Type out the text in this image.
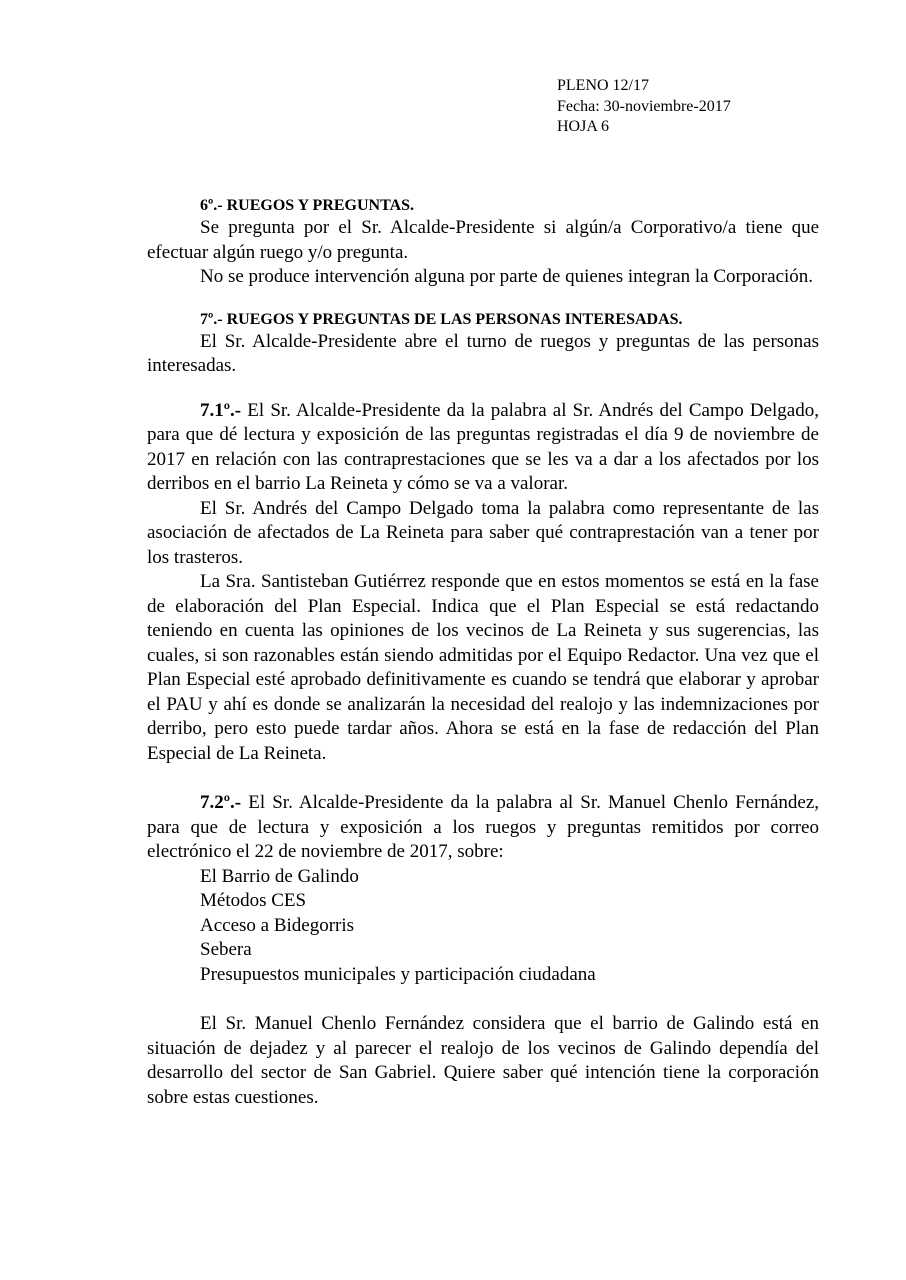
PLENO 12/17
Fecha: 30-noviembre-2017
HOJA 6
6º.- RUEGOS Y PREGUNTAS.

Se pregunta por el Sr. Alcalde-Presidente si algún/a Corporativo/a tiene que efectuar algún ruego y/o pregunta.

No se produce intervención alguna por parte de quienes integran la Corporación.

7º.- RUEGOS Y PREGUNTAS DE LAS PERSONAS INTERESADAS.

El Sr. Alcalde-Presidente abre el turno de ruegos y preguntas de las personas interesadas.

7.1º.- El Sr. Alcalde-Presidente da la palabra al Sr. Andrés del Campo Delgado, para que dé lectura y exposición de las preguntas registradas el día 9 de noviembre de 2017 en relación con las contraprestaciones que se les va a dar a los afectados por los derribos en el barrio La Reineta y cómo se va a valorar.

El Sr. Andrés del Campo Delgado toma la palabra como representante de las asociación de afectados de La Reineta para saber qué contraprestación van a tener por los trasteros.

La Sra. Santisteban Gutiérrez responde que en estos momentos se está en la fase de elaboración del Plan Especial. Indica que el Plan Especial se está redactando teniendo en cuenta las opiniones de los vecinos de La Reineta y sus sugerencias, las cuales, si son razonables están siendo admitidas por el Equipo Redactor. Una vez que el Plan Especial esté aprobado definitivamente es cuando se tendrá que elaborar y aprobar el PAU y ahí es donde se analizarán la necesidad del realojo y las indemnizaciones por derribo, pero esto puede tardar años. Ahora se está en la fase de redacción del Plan Especial de La Reineta.

7.2º.- El Sr. Alcalde-Presidente da la palabra al Sr. Manuel Chenlo Fernández, para que de lectura y exposición a los ruegos y preguntas remitidos por correo electrónico el 22 de noviembre de 2017, sobre:

El Barrio de Galindo
Métodos CES
Acceso a Bidegorris
Sebera
Presupuestos municipales y participación ciudadana

El Sr. Manuel Chenlo Fernández considera que el barrio de Galindo está en situación de dejadez y al parecer el realojo de los vecinos de Galindo dependía del desarrollo del sector de San Gabriel. Quiere saber qué intención tiene la corporación sobre estas cuestiones.
